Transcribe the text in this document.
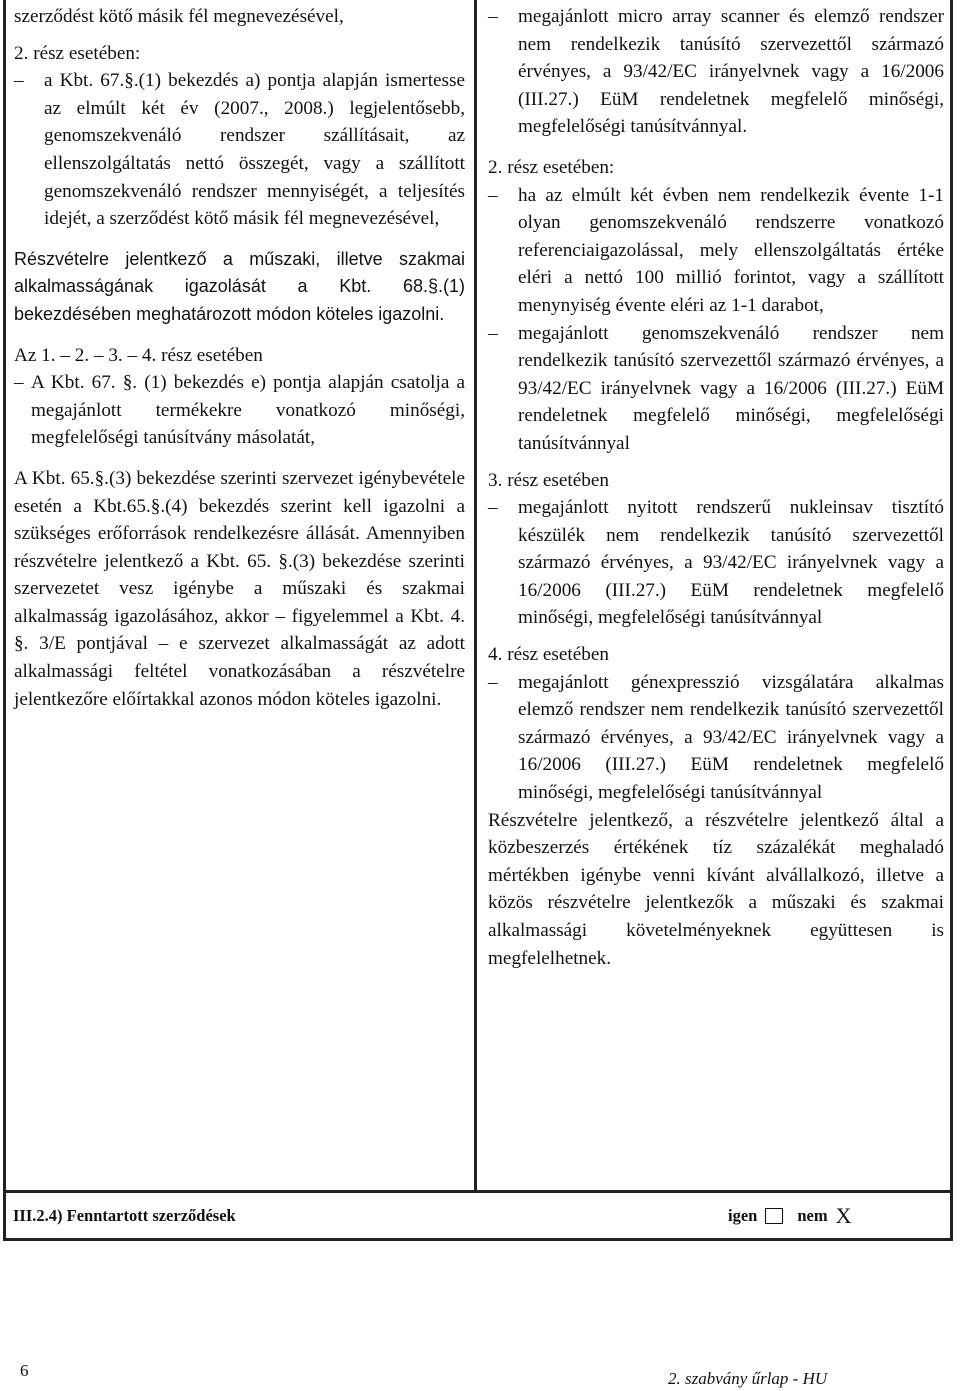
szerződést kötő másik fél megnevezésével,

2. rész esetében:

–	a Kbt. 67.§.(1) bekezdés a) pontja alapján ismertesse az elmúlt két év (2007., 2008.) legjelentősebb, genomszekvenáló rendszer szállításait, az ellenszolgáltatás nettó összegét, vagy a szállított genomszekvenáló rendszer mennyiségét, a teljesítés idejét, a szerződést kötő másik fél megnevezésével,

Részvételre jelentkező a műszaki, illetve szakmai alkalmasságának igazolását a Kbt. 68.§.(1) bekezdésében meghatározott módon köteles igazolni.

Az 1. – 2. – 3. – 4. rész esetében

– A Kbt. 67. §. (1) bekezdés e) pontja alapján csatolja a megajánlott termékekre vonatkozó minőségi, megfelelőségi tanúsítvány másolatát,

A Kbt. 65.§.(3) bekezdése szerinti szervezet igénybevétele esetén a Kbt.65.§.(4) bekezdés szerint kell igazolni a szükséges erőforrások rendelkezésre állását. Amennyiben részvételre jelentkező a Kbt. 65. §.(3) bekezdése szerinti szervezetet vesz igénybe a műszaki és szakmai alkalmasság igazolásához, akkor – figyelemmel a Kbt. 4. §. 3/E pontjával – e szervezet alkalmasságát az adott alkalmassági feltétel vonatkozásában a részvételre jelentkezőre előírtakkal azonos módon köteles igazolni.

–	megajánlott micro array scanner és elemző rendszer nem rendelkezik tanúsító szervezettől származó érvényes, a 93/42/EC irányelvnek vagy a 16/2006 (III.27.) EüM rendeletnek megfelelő minőségi, megfelelőségi tanúsítvánnyal.

2. rész esetében:

–	ha az elmúlt két évben nem rendelkezik évente 1-1 olyan genomszekvenáló rendszerre vonatkozó referenciaigazolással, mely ellenszolgáltatás értéke eléri a nettó 100 millió forintot, vagy a szállított menynyiség évente eléri az 1-1 darabot,

–	megajánlott genomszekvenáló rendszer nem rendelkezik tanúsító szervezettől származó érvényes, a 93/42/EC irányelvnek vagy a 16/2006 (III.27.) EüM rendeletnek megfelelő minőségi, megfelelőségi tanúsítvánnyal

3. rész esetében

–	megajánlott nyitott rendszerű nukleinsav tisztító készülék nem rendelkezik tanúsító szervezettől származó érvényes, a 93/42/EC irányelvnek vagy a 16/2006 (III.27.) EüM rendeletnek megfelelő minőségi, megfelelőségi tanúsítvánnyal

4. rész esetében

–	megajánlott génexpresszió vizsgálatára alkalmas elemző rendszer nem rendelkezik tanúsító szervezettől származó érvényes, a 93/42/EC irányelvnek vagy a 16/2006 (III.27.) EüM rendeletnek megfelelő minőségi, megfelelőségi tanúsítvánnyal

Részvételre jelentkező, a részvételre jelentkező által a közbeszerzés értékének tíz százalékát meghaladó mértékben igénybe venni kívánt alvállalkozó, illetve a közös részvételre jelentkezők a műszaki és szakmai alkalmassági követelményeknek együttesen is megfelelhetnek.

III.2.4) Fenntartott szerződések	igen nem X
6	2. szabvány űrlap - HU
